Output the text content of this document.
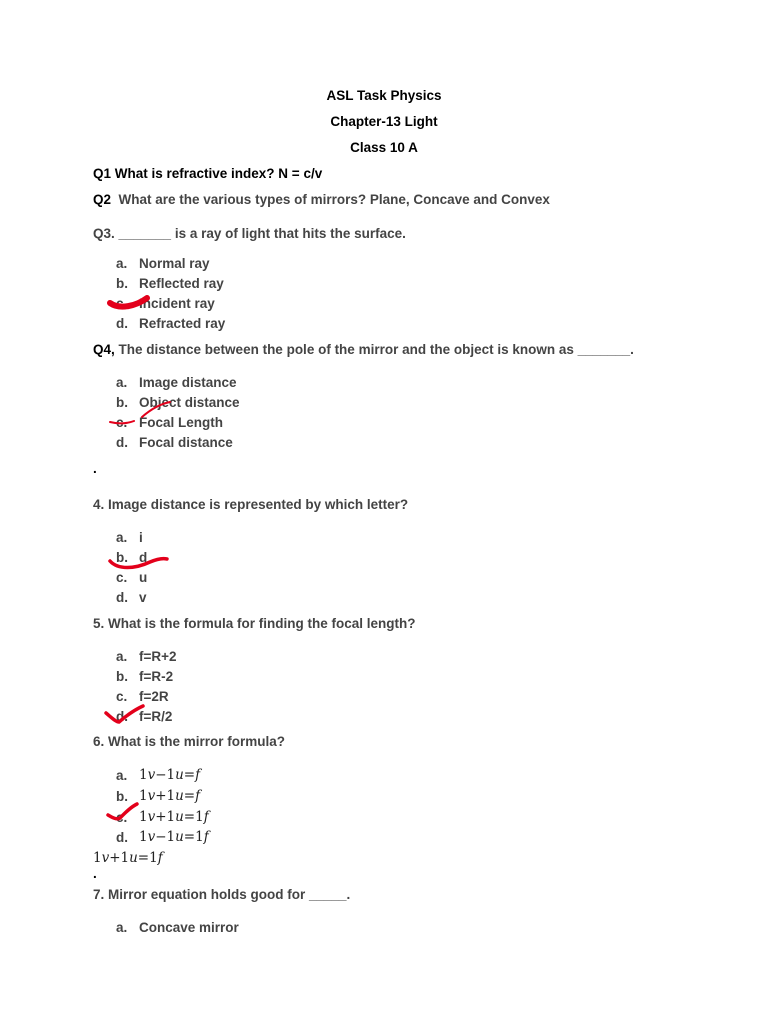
ASL Task Physics
Chapter-13 Light
Class 10 A
Q1 What is refractive index? N = c/v
Q2 What are the various types of mirrors? Plane, Concave and Convex
Q3. _______ is a ray of light that hits the surface.
a. Normal ray
b. Reflected ray
c. Incident ray
d. Refracted ray
Q4, The distance between the pole of the mirror and the object is known as _______.
a. Image distance
b. Object distance
c. Focal Length
d. Focal distance
.
4. Image distance is represented by which letter?
a. i
b. d
c. u
d. v
5. What is the formula for finding the focal length?
a. f=R+2
b. f=R-2
c. f=2R
d. f=R/2
6. What is the mirror formula?
a. 1𝑣−1𝑢=𝑓
b. 1𝑣+1𝑢=𝑓
c. 1𝑣+1𝑢=1𝑓
d. 1𝑣−1𝑢=1𝑓
1𝑣+1𝑢=1𝑓
.
7. Mirror equation holds good for _____.
a. Concave mirror
